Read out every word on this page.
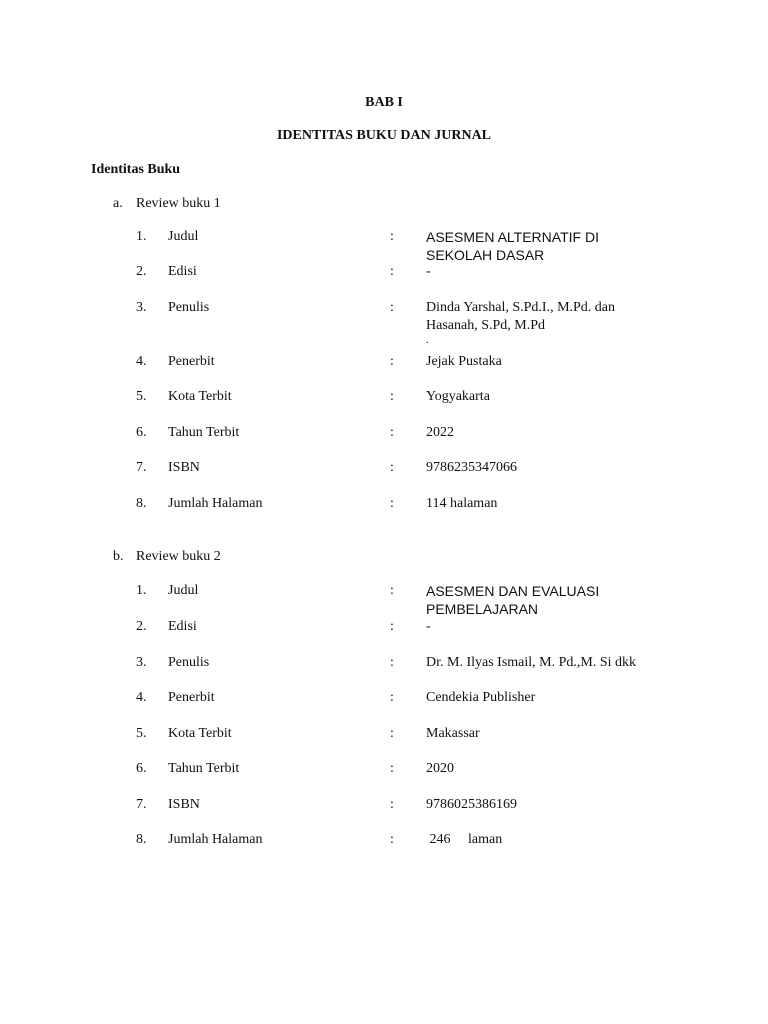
BAB I
IDENTITAS BUKU DAN JURNAL
Identitas Buku
a. Review buku 1
1. Judul	: ASESMEN ALTERNATIF DI
SEKOLAH DASAR
2. Edisi	: -
3. Penulis	: Dinda Yarshal, S.Pd.I., M.Pd. dan
Hasanah, S.Pd, M.Pd
.
4. Penerbit	: Jejak Pustaka
5. Kota Terbit	: Yogyakarta
6. Tahun Terbit	: 2022
7. ISBN	: 9786235347066
8. Jumlah Halaman	: 114 halaman
b. Review buku 2
1. Judul	: ASESMEN DAN EVALUASI
PEMBELAJARAN
2. Edisi	: -
3. Penulis	: Dr. M. Ilyas Ismail, M. Pd.,M. Si dkk
4. Penerbit	: Cendekia Publisher
5. Kota Terbit	: Makassar
6. Tahun Terbit	: 2020
7. ISBN	: 9786025386169
8. Jumlah Halaman	: 246     laman
